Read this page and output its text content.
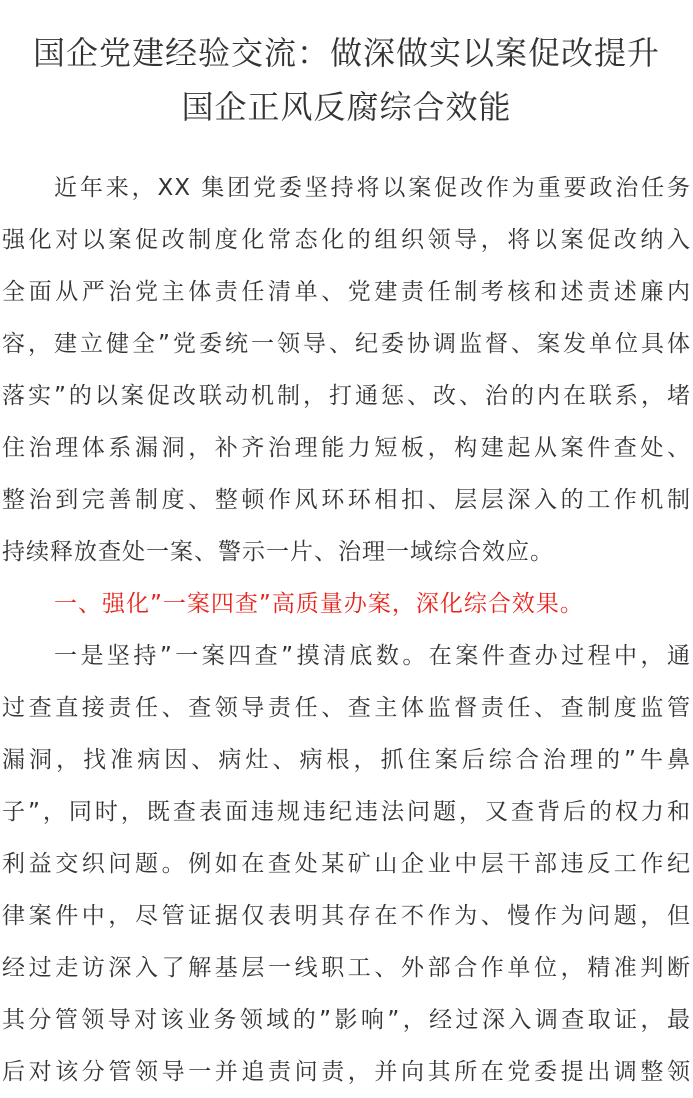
国企党建经验交流：做深做实以案促改提升
国企正风反腐综合效能

近年来，XX 集团党委坚持将以案促改作为重要政治任务
强化对以案促改制度化常态化的组织领导，将以案促改纳入
全面从严治党主体责任清单、党建责任制考核和述责述廉内
容，建立健全”党委统一领导、纪委协调监督、案发单位具体
落实”的以案促改联动机制，打通惩、改、治的内在联系，堵
住治理体系漏洞，补齐治理能力短板，构建起从案件查处、
整治到完善制度、整顿作风环环相扣、层层深入的工作机制
持续释放查处一案、警示一片、治理一域综合效应。

一、强化”一案四查”高质量办案，深化综合效果。

一是坚持”一案四查”摸清底数。在案件查办过程中，通
过查直接责任、查领导责任、查主体监督责任、查制度监管
漏洞，找准病因、病灶、病根，抓住案后综合治理的”牛鼻
子”，同时，既查表面违规违纪违法问题，又查背后的权力和
利益交织问题。例如在查处某矿山企业中层干部违反工作纪
律案件中，尽管证据仅表明其存在不作为、慢作为问题，但
经过走访深入了解基层一线职工、外部合作单位，精准判断
其分管领导对该业务领域的”影响”，经过深入调查取证，最
后对该分管领导一并追责问责，并向其所在党委提出调整领
